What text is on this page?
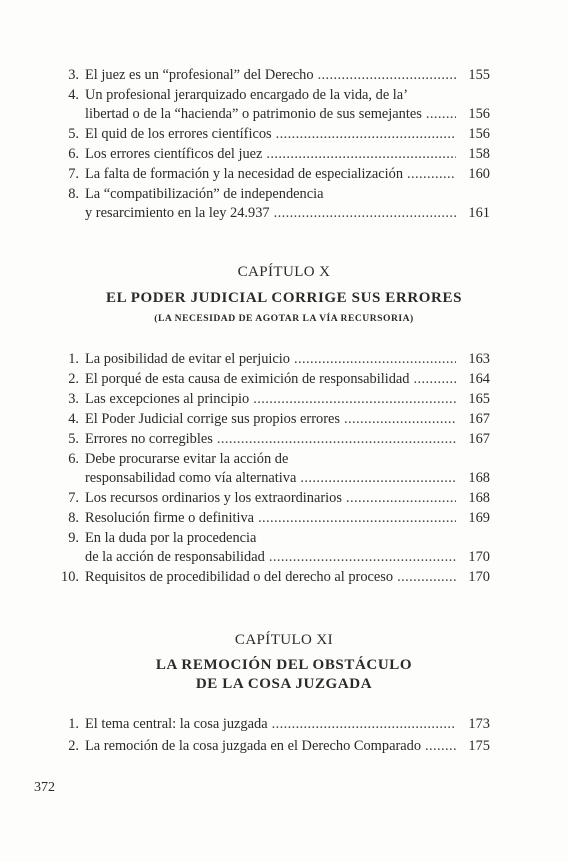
3. El juez es un “profesional” del Derecho . . .	155
4. Un profesional jerarquizado encargado de la vida, de la’
libertad o de la “hacienda” o patrimonio de sus semejantes . . .	156
5. El quid de los errores científicos . . .	156
6. Los errores científicos del juez . . .	158
7. La falta de formación y la necesidad de especialización . . .	160
8. La “compatibilización” de independencia
y resarcimiento en la ley 24.937 . . .	161
CAPÍTULO X
EL PODER JUDICIAL CORRIGE SUS ERRORES
(LA NECESIDAD DE AGOTAR LA VÍA RECURSORIA)
1. La posibilidad de evitar el perjuicio . . .	163
2. El porqué de esta causa de eximición de responsabilidad . . .	164
3. Las excepciones al principio . . .	165
4. El Poder Judicial corrige sus propios errores . . .	167
5. Errores no corregibles . . .	167
6. Debe procurarse evitar la acción de
responsabilidad como vía alternativa . . .	168
7. Los recursos ordinarios y los extraordinarios . . .	168
8. Resolución firme o definitiva . . .	169
9. En la duda por la procedencia
de la acción de responsabilidad . . .	170
10. Requisitos de procedibilidad o del derecho al proceso . . .	170
CAPÍTULO XI
LA REMOCIÓN DEL OBSTÁCULO
DE LA COSA JUZGADA
1. El tema central: la cosa juzgada . . .	173
2. La remoción de la cosa juzgada en el Derecho Comparado . . .	175
372
